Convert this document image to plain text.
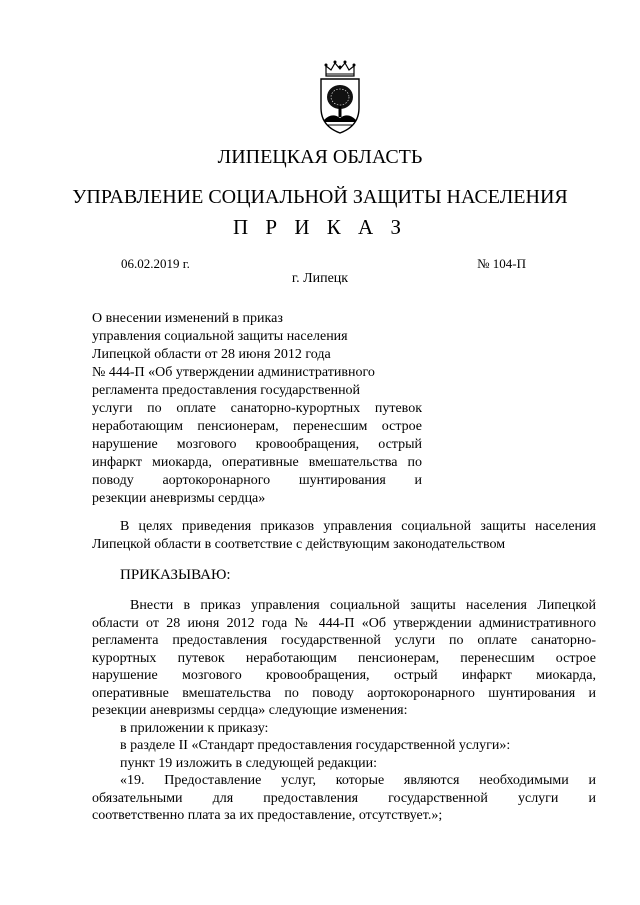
ЛИПЕЦКАЯ ОБЛАСТЬ
УПРАВЛЕНИЕ СОЦИАЛЬНОЙ ЗАЩИТЫ НАСЕЛЕНИЯ
П Р И К А З
06.02.2019 г.	№ 104-П
г. Липецк
О внесении изменений в приказ
управления социальной защиты населения
Липецкой области от 28 июня 2012 года
№ 444-П «Об утверждении административного
регламента предоставления государственной
услуги по оплате санаторно-курортных путевок
неработающим пенсионерам, перенесшим острое
нарушение мозгового кровообращения, острый
инфаркт миокарда, оперативные вмешательства по
поводу аортокоронарного шунтирования и
резекции аневризмы сердца»
В целях приведения приказов управления социальной защиты населения
Липецкой области в соответствие с действующим законодательством
ПРИКАЗЫВАЮ:
Внести в приказ управления социальной защиты населения Липецкой
области от 28 июня 2012 года № 444-П «Об утверждении административного
регламента предоставления государственной услуги по оплате санаторно-
курортных путевок неработающим пенсионерам, перенесшим острое
нарушение мозгового кровообращения, острый инфаркт миокарда,
оперативные вмешательства по поводу аортокоронарного шунтирования и
резекции аневризмы сердца» следующие изменения:
в приложении к приказу:
в разделе II «Стандарт предоставления государственной услуги»:
пункт 19 изложить в следующей редакции:
«19. Предоставление услуг, которые являются необходимыми и
обязательными для предоставления государственной услуги и
соответственно плата за их предоставление, отсутствует.»;
